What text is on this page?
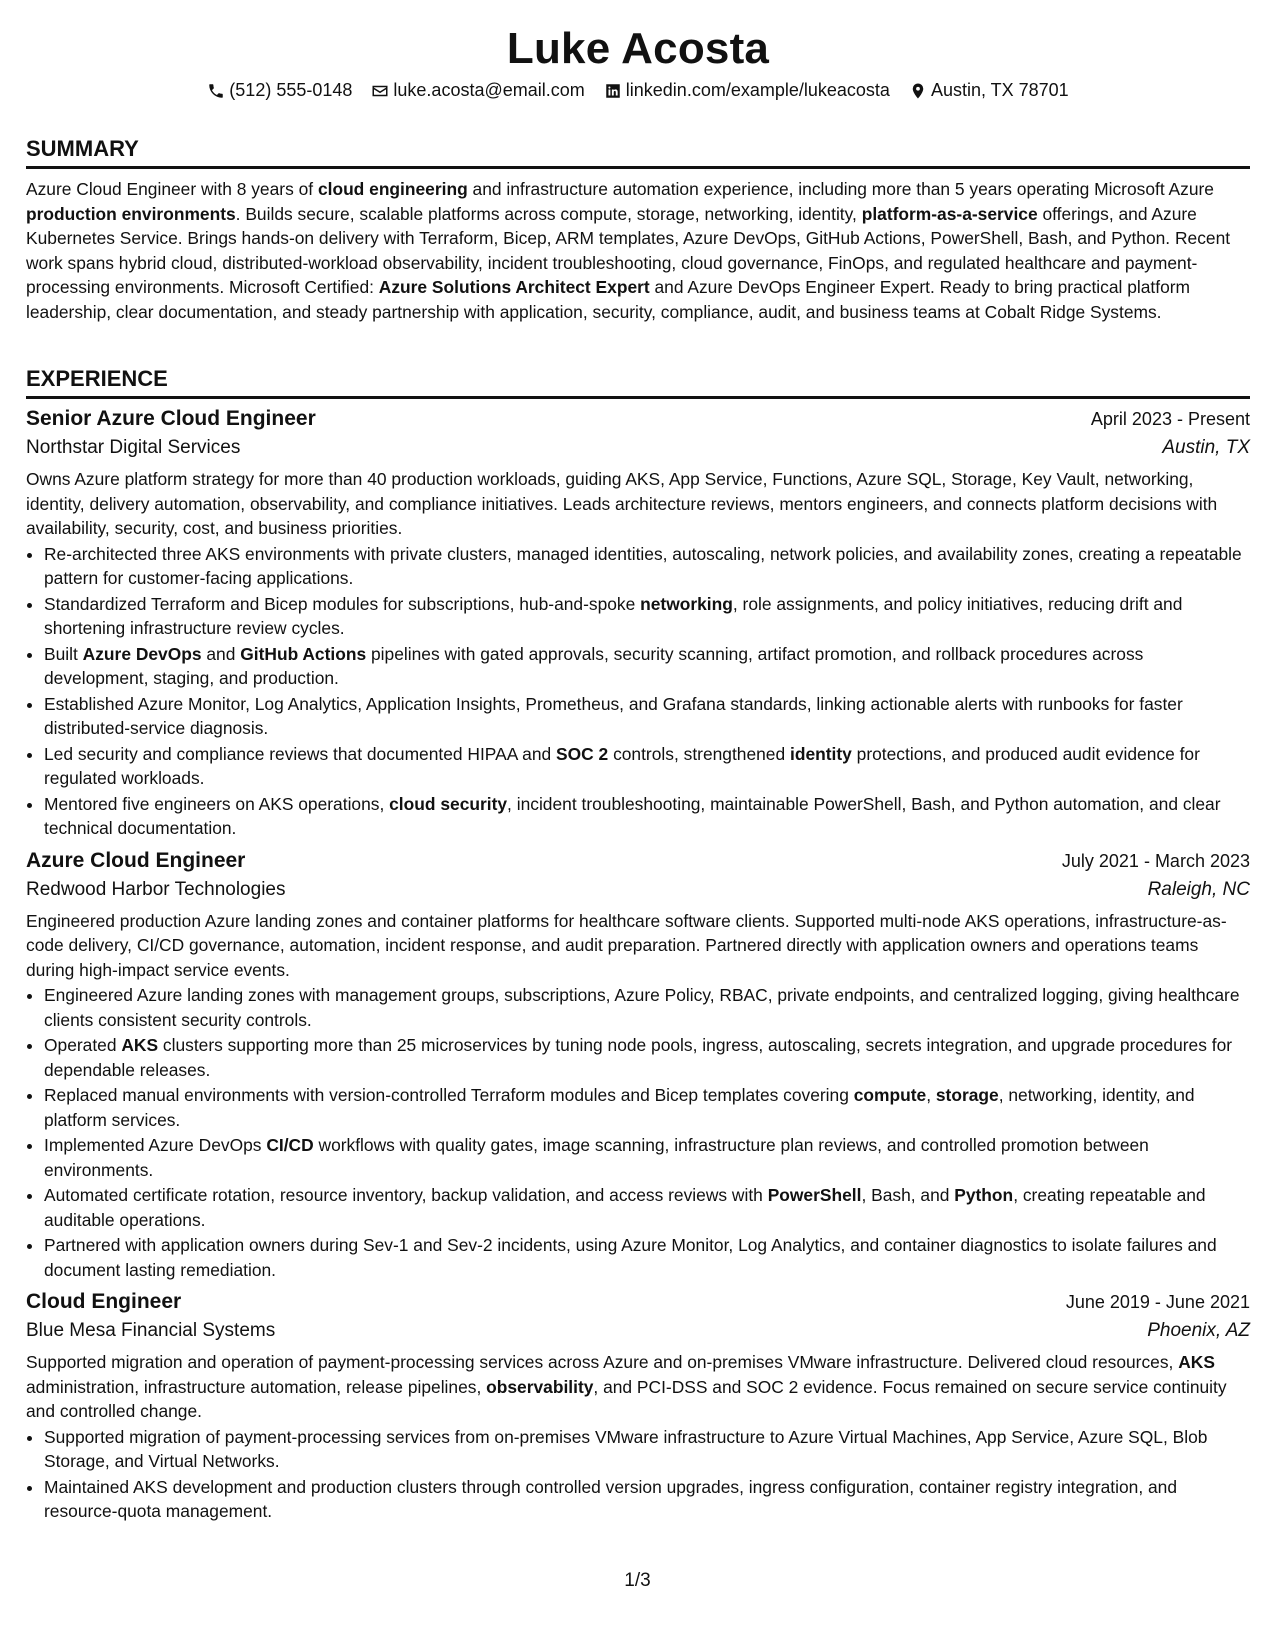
Luke Acosta
(512) 555-0148
luke.acosta@email.com
linkedin.com/example/lukeacosta
Austin, TX 78701
SUMMARY

Azure Cloud Engineer with 8 years of cloud engineering and infrastructure automation experience, including more than 5 years operating Microsoft Azure production environments. Builds secure, scalable platforms across compute, storage, networking, identity, platform-as-a-service offerings, and Azure Kubernetes Service. Brings hands-on delivery with Terraform, Bicep, ARM templates, Azure DevOps, GitHub Actions, PowerShell, Bash, and Python. Recent work spans hybrid cloud, distributed-workload observability, incident troubleshooting, cloud governance, FinOps, and regulated healthcare and payment-processing environments. Microsoft Certified: Azure Solutions Architect Expert and Azure DevOps Engineer Expert. Ready to bring practical platform leadership, clear documentation, and steady partnership with application, security, compliance, audit, and business teams at Cobalt Ridge Systems.

EXPERIENCE
Senior Azure Cloud Engineer	April 2023 - Present
Northstar Digital Services	Austin, TX

Owns Azure platform strategy for more than 40 production workloads, guiding AKS, App Service, Functions, Azure SQL, Storage, Key Vault, networking, identity, delivery automation, observability, and compliance initiatives. Leads architecture reviews, mentors engineers, and connects platform decisions with availability, security, cost, and business priorities.

• Re-architected three AKS environments with private clusters, managed identities, autoscaling, network policies, and availability zones, creating a repeatable pattern for customer-facing applications.
• Standardized Terraform and Bicep modules for subscriptions, hub-and-spoke networking, role assignments, and policy initiatives, reducing drift and shortening infrastructure review cycles.
• Built Azure DevOps and GitHub Actions pipelines with gated approvals, security scanning, artifact promotion, and rollback procedures across development, staging, and production.
• Established Azure Monitor, Log Analytics, Application Insights, Prometheus, and Grafana standards, linking actionable alerts with runbooks for faster distributed-service diagnosis.
• Led security and compliance reviews that documented HIPAA and SOC 2 controls, strengthened identity protections, and produced audit evidence for regulated workloads.
• Mentored five engineers on AKS operations, cloud security, incident troubleshooting, maintainable PowerShell, Bash, and Python automation, and clear technical documentation.
Azure Cloud Engineer	July 2021 - March 2023
Redwood Harbor Technologies	Raleigh, NC

Engineered production Azure landing zones and container platforms for healthcare software clients. Supported multi-node AKS operations, infrastructure-as-code delivery, CI/CD governance, automation, incident response, and audit preparation. Partnered directly with application owners and operations teams during high-impact service events.

• Engineered Azure landing zones with management groups, subscriptions, Azure Policy, RBAC, private endpoints, and centralized logging, giving healthcare clients consistent security controls.
• Operated AKS clusters supporting more than 25 microservices by tuning node pools, ingress, autoscaling, secrets integration, and upgrade procedures for dependable releases.
• Replaced manual environments with version-controlled Terraform modules and Bicep templates covering compute, storage, networking, identity, and platform services.
• Implemented Azure DevOps CI/CD workflows with quality gates, image scanning, infrastructure plan reviews, and controlled promotion between environments.
• Automated certificate rotation, resource inventory, backup validation, and access reviews with PowerShell, Bash, and Python, creating repeatable and auditable operations.
• Partnered with application owners during Sev-1 and Sev-2 incidents, using Azure Monitor, Log Analytics, and container diagnostics to isolate failures and document lasting remediation.
Cloud Engineer	June 2019 - June 2021
Blue Mesa Financial Systems	Phoenix, AZ

Supported migration and operation of payment-processing services across Azure and on-premises VMware infrastructure. Delivered cloud resources, AKS administration, infrastructure automation, release pipelines, observability, and PCI-DSS and SOC 2 evidence. Focus remained on secure service continuity and controlled change.

• Supported migration of payment-processing services from on-premises VMware infrastructure to Azure Virtual Machines, App Service, Azure SQL, Blob Storage, and Virtual Networks.
• Maintained AKS development and production clusters through controlled version upgrades, ingress configuration, container registry integration, and resource-quota management.
1/3
